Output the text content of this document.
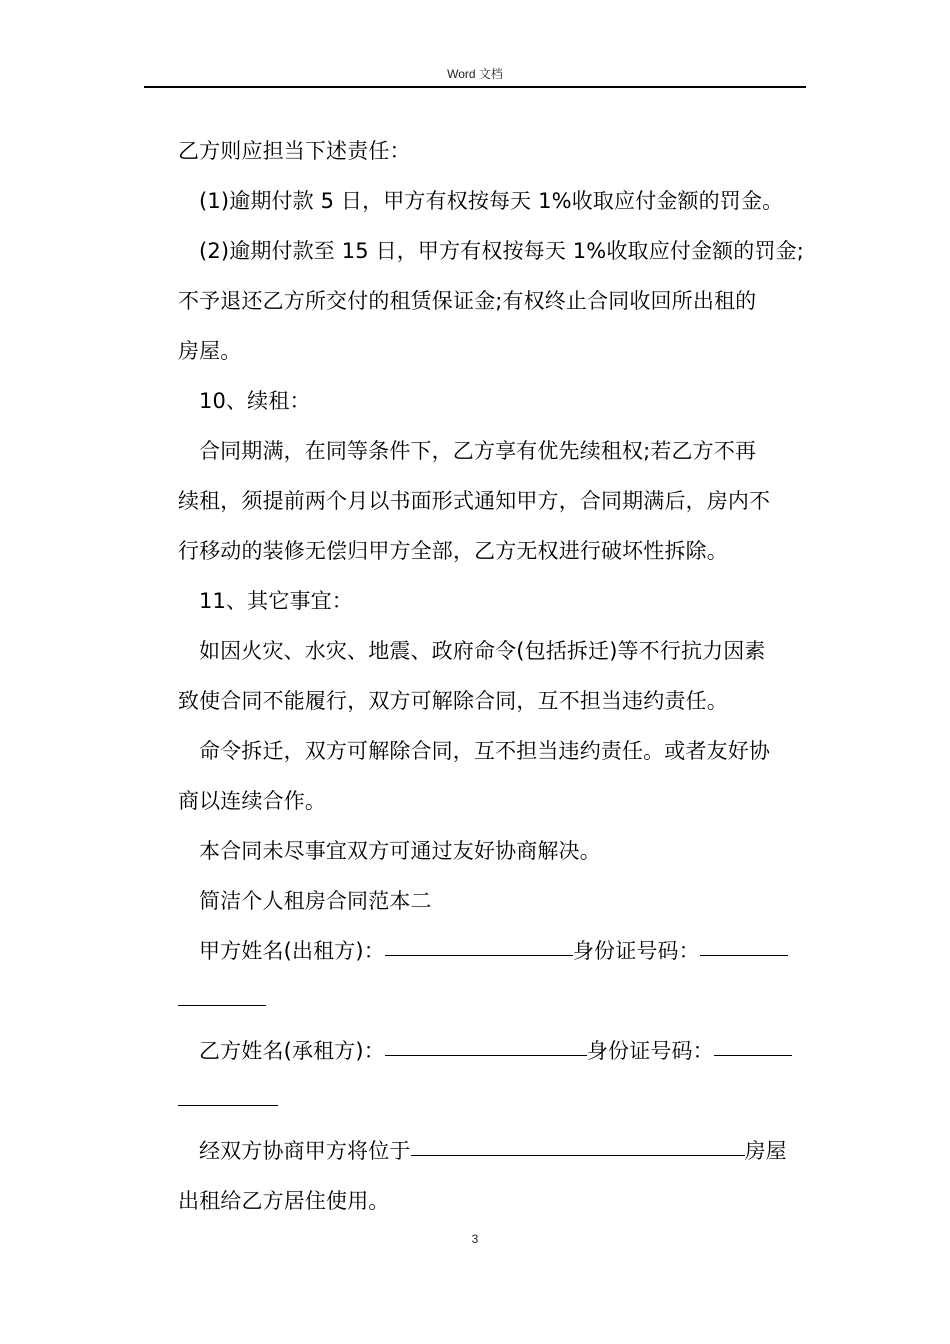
Word 文档
乙方则应担当下述责任：
(1)逾期付款 5 日，甲方有权按每天 1%收取应付金额的罚金。
(2)逾期付款至 15 日，甲方有权按每天 1%收取应付金额的罚金;
不予退还乙方所交付的租赁保证金;有权终止合同收回所出租的
房屋。
10、续租：
合同期满，在同等条件下，乙方享有优先续租权;若乙方不再
续租，须提前两个月以书面形式通知甲方，合同期满后，房内不
行移动的装修无偿归甲方全部，乙方无权进行破坏性拆除。
11、其它事宜：
如因火灾、水灾、地震、政府命令(包括拆迁)等不行抗力因素
致使合同不能履行，双方可解除合同，互不担当违约责任。
命令拆迁，双方可解除合同，互不担当违约责任。或者友好协
商以连续合作。
本合同未尽事宜双方可通过友好协商解决。
简洁个人租房合同范本二
甲方姓名(出租方)：	身份证号码：
乙方姓名(承租方)：	身份证号码：
经双方协商甲方将位于	房屋
出租给乙方居住使用。
3
